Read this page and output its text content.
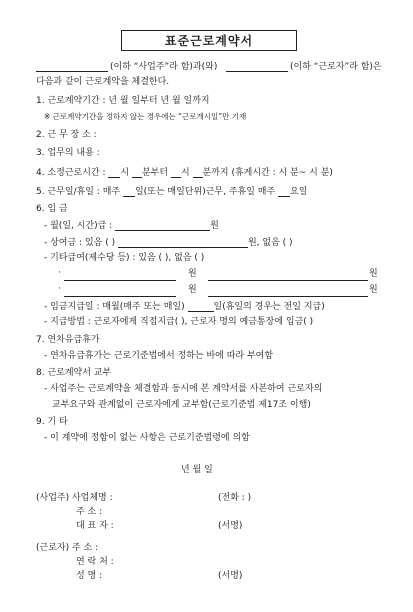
표준근로계약서
(이하 “사업주”라 함)과(와)	(이하 “근로자”라 함)은
다음과 같이 근로계약을 체결한다.
1. 근로계약기간 : 년 월 일부터 년 월 일까지
※ 근로계약기간을 정하지 않는 경우에는 “근로개시일”만 기재
2. 근 무 장 소 :
3. 업무의 내용 :
4. 소정근로시간 : 시 분부터 시 분까지 (휴게시간 : 시 분~ 시 분)
5. 근무일/휴일 : 매주 일(또는 매일단위)근무, 주휴일 매주 요일
6. 임 금
- 월(일, 시간)급 :	원
- 상여금 : 있음 ( )	원, 없음 ( )
- 기타급여(제수당 등) : 있음 ( ), 없음 ( )
·	원	원
·	원	원
- 임금지급일 : 매월(매주 또는 매일)	일(휴일의 경우는 전일 지급)
- 지급방법 : 근로자에게 직접지급( ), 근로자 명의 예금통장에 입금( )
7. 연차유급휴가
- 연차유급휴가는 근로기준법에서 정하는 바에 따라 부여함
8. 근로계약서 교부
- 사업주는 근로계약을 체결함과 동시에 본 계약서를 사본하여 근로자의
교부요구와 관계없이 근로자에게 교부함(근로기준법 제17조 이행)
9. 기 타
- 이 계약에 정함이 없는 사항은 근로기준법령에 의함
년 월 일
(사업주) 사업체명 :	(전화 : )
주 소 :
대 표 자 :	(서명)
(근로자) 주 소 :
연 락 처 :
성 명 :	(서명)
